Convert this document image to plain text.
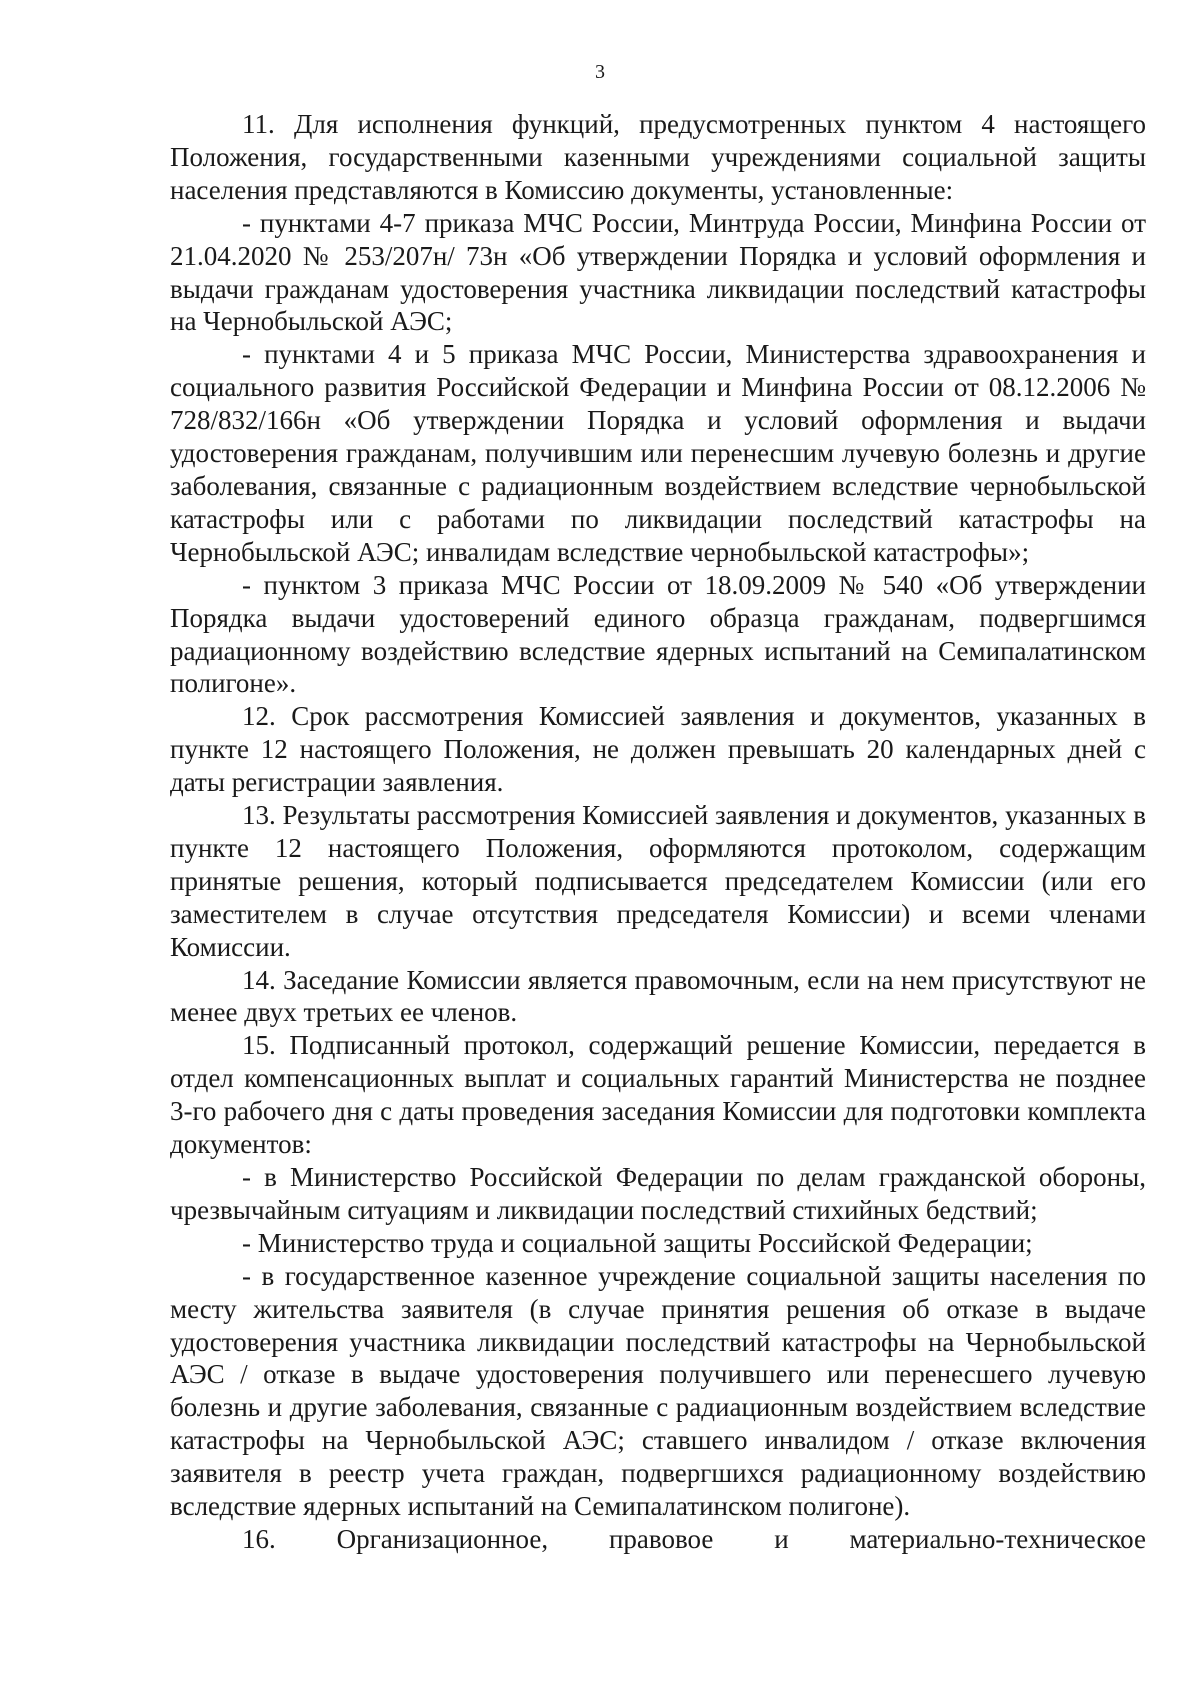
3

11. Для исполнения функций, предусмотренных пунктом 4 настоящего Положения, государственными казенными учреждениями социальной защиты населения представляются в Комиссию документы, установленные:

- пунктами 4-7 приказа МЧС России, Минтруда России, Минфина России от 21.04.2020 № 253/207н/ 73н «Об утверждении Порядка и условий оформления и выдачи гражданам удостоверения участника ликвидации последствий катастрофы на Чернобыльской АЭС;

- пунктами 4 и 5 приказа МЧС России, Министерства здравоохранения и социального развития Российской Федерации и Минфина России от 08.12.2006 № 728/832/166н «Об утверждении Порядка и условий оформления и выдачи удостоверения гражданам, получившим или перенесшим лучевую болезнь и другие заболевания, связанные с радиационным воздействием вследствие чернобыльской катастрофы или с работами по ликвидации последствий катастрофы на Чернобыльской АЭС; инвалидам вследствие чернобыльской катастрофы»;

- пунктом 3 приказа МЧС России от 18.09.2009 № 540 «Об утверждении Порядка выдачи удостоверений единого образца гражданам, подвергшимся радиационному воздействию вследствие ядерных испытаний на Семипалатинском полигоне».

12. Срок рассмотрения Комиссией заявления и документов, указанных в пункте 12 настоящего Положения, не должен превышать 20 календарных дней с даты регистрации заявления.

13. Результаты рассмотрения Комиссией заявления и документов, указанных в пункте 12 настоящего Положения, оформляются протоколом, содержащим принятые решения, который подписывается председателем Комиссии (или его заместителем в случае отсутствия председателя Комиссии) и всеми членами Комиссии.

14. Заседание Комиссии является правомочным, если на нем присутствуют не менее двух третьих ее членов.

15. Подписанный протокол, содержащий решение Комиссии, передается в отдел компенсационных выплат и социальных гарантий Министерства не позднее 3-го рабочего дня с даты проведения заседания Комиссии для подготовки комплекта документов:

- в Министерство Российской Федерации по делам гражданской обороны, чрезвычайным ситуациям и ликвидации последствий стихийных бедствий;

- Министерство труда и социальной защиты Российской Федерации;

- в государственное казенное учреждение социальной защиты населения по месту жительства заявителя (в случае принятия решения об отказе в выдаче удостоверения участника ликвидации последствий катастрофы на Чернобыльской АЭС / отказе в выдаче удостоверения получившего или перенесшего лучевую болезнь и другие заболевания, связанные с радиационным воздействием вследствие катастрофы на Чернобыльской АЭС; ставшего инвалидом / отказе включения заявителя в реестр учета граждан, подвергшихся радиационному воздействию вследствие ядерных испытаний на Семипалатинском полигоне).

16. Организационное, правовое и материально-техническое
